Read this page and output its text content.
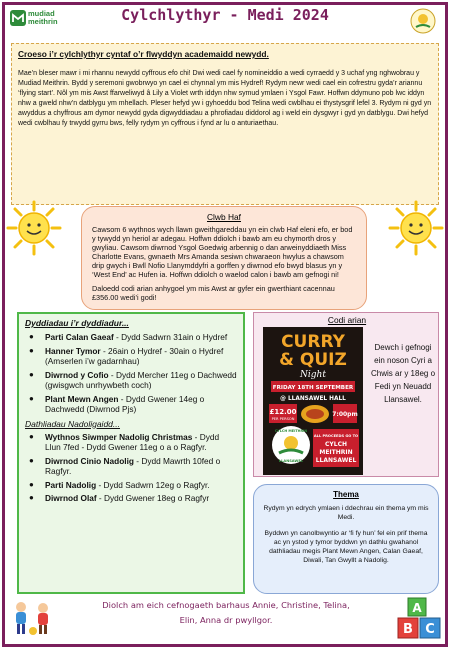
mudiad
meithrin	Cylchlythyr - Medi 2024
Croeso i’r cylchlythyr cyntaf o’r flwyddyn academaidd newydd.

Mae’n bleser mawr i mi rhannu newydd cyffrous efo chi! Dwi wedi cael fy nomineiddio a wedi cyrraedd y 3 uchaf yng nghwobrau y Mudiad Meithrin. Bydd y seremoni gwobrwyo yn cael ei chynnal ym mis Hydref! Rydym newr wedi cael ein cofrestru gyda’r ariannu ‘flying start’. Nôl ym mis Awst ffarweliwyd â Lily a Violet wrth iddyn nhw symud ymlaen i Ysgol Fawr. Hoffwn ddymuno pob lwc iddyn nhw a gweld nhw’n datblygu ym mhellach. Pleser hefyd yw i gyhoeddu bod Telina wedi cwblhau ei thystysgrif lefel 3. Rydym ni gyd yn awyddus a chyffrous am dymor newydd gyda digwyddiadau a phrofiadau diddorol ag i weld ein dysgwyr i gyd yn datblygu. Dwi hefyd wedi cwblhau fy trwydd gyrru bws, felly rydym yn cyffrous i fynd ar lu o anturiaethau.

Clwb Haf

Cawsom 6 wythnos wych llawn gweithgareddau yn ein clwb Haf eleni efo, er bod y tywydd yn heriol ar adegau. Hoffwn ddiolch i bawb am eu chymorth dros y gwyliau. Cawsom diwrnod Ysgol Goedwig arbennig o dan arweinyddiaeth Miss Charlotte Evans, gwnaeth Mrs Amanda sesiwn chwaraeon hwylus a chawsom drip gwych i Bwll Nofio Llanymddyfri a gorffen y diwrnod efo bwyd blasus yn y ‘West End’ ac Hufen ia. Hoffwn ddiolch o waelod calon i bawb am gefnogi ni!

Daloedd codi arian anhygoel ym mis Awst ar gyfer ein gwerthiant cacennau £356.00 wedi’i godi!

Dyddiadau i’r dyddiadur...
● Parti Calan Gaeaf - Dydd Sadwrn 31ain o Hydref
● Hanner Tymor - 26ain o Hydref - 30ain o Hydref (Amserlen i’w gadarnhau)
● Diwrnod y Cofio - Dydd Mercher 11eg o Dachwedd (gwisgwch unrhywbeth coch)
● Plant Mewn Angen - Dydd Gwener 14eg o Dachwedd (Diwrnod Pjs)
Dathliadau Nadoligaidd...
● Wythnos Siwmper Nadolig Christmas - Dydd Llun 7fed - Dydd Gwener 11eg o a o Ragfyr.
● Diwrnod Cinio Nadolig - Dydd Mawrth 10fed o Ragfyr.
● Parti Nadolig - Dydd Sadwrn 12eg o Ragfyr.
● Diwrnod Olaf - Dydd Gwener 18eg o Ragfyr
Codi arian
CURRY
& QUIZ
Night
FRIDAY 18TH SEPTEMBER
@ LLANSAWEL HALL
£12.00
PER PERSON
7:00pm
CYLCH MEITHRIN
LLANSAWEL
ALL PROCEEDS GO TO
CYLCH
MEITHRIN
LLANSAWEL
Dewch i gefnogi ein noson Cyri a Chwis ar y 18eg o Fedi yn Neuadd Llansawel.
Thema

Rydym yn edrych ymlaen i ddechrau ein thema ym mis Medi.

Byddwn yn canolbwyntio ar ‘fi fy hun’ fel ein prif thema ac yn ystod y tymor byddwn yn dathlu gwahanol dathliadau megis Plant Mewn Angen, Calan Gaeaf, Diwali, Tan Gwyllt a Nadolig.

Diolch am eich cefnogaeth barhaus Annie, Christine, Telina, Elin, Anna dr pwyllgor.
A
B C
